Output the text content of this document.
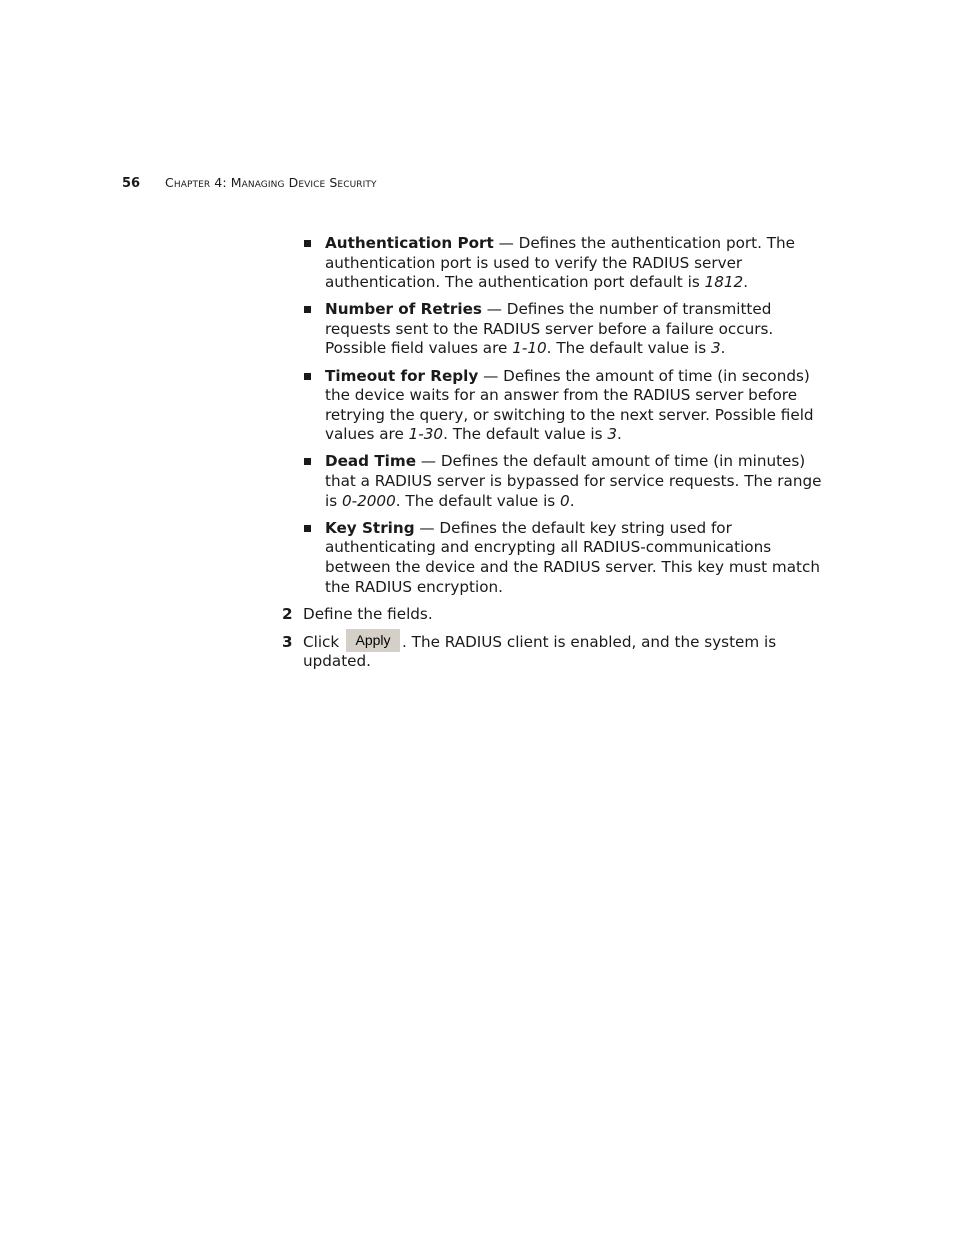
56 Chapter 4: Managing Device Security
Authentication Port — Defines the authentication port. The authentication port is used to verify the RADIUS server authentication. The authentication port default is 1812.
Number of Retries — Defines the number of transmitted requests sent to the RADIUS server before a failure occurs. Possible field values are 1-10. The default value is 3.
Timeout for Reply — Defines the amount of time (in seconds) the device waits for an answer from the RADIUS server before retrying the query, or switching to the next server. Possible field values are 1-30. The default value is 3.
Dead Time — Defines the default amount of time (in minutes) that a RADIUS server is bypassed for service requests. The range is 0-2000. The default value is 0.
Key String — Defines the default key string used for authenticating and encrypting all RADIUS-communications between the device and the RADIUS server. This key must match the RADIUS encryption.
2 Define the fields.
3 Click Apply . The RADIUS client is enabled, and the system is updated.
